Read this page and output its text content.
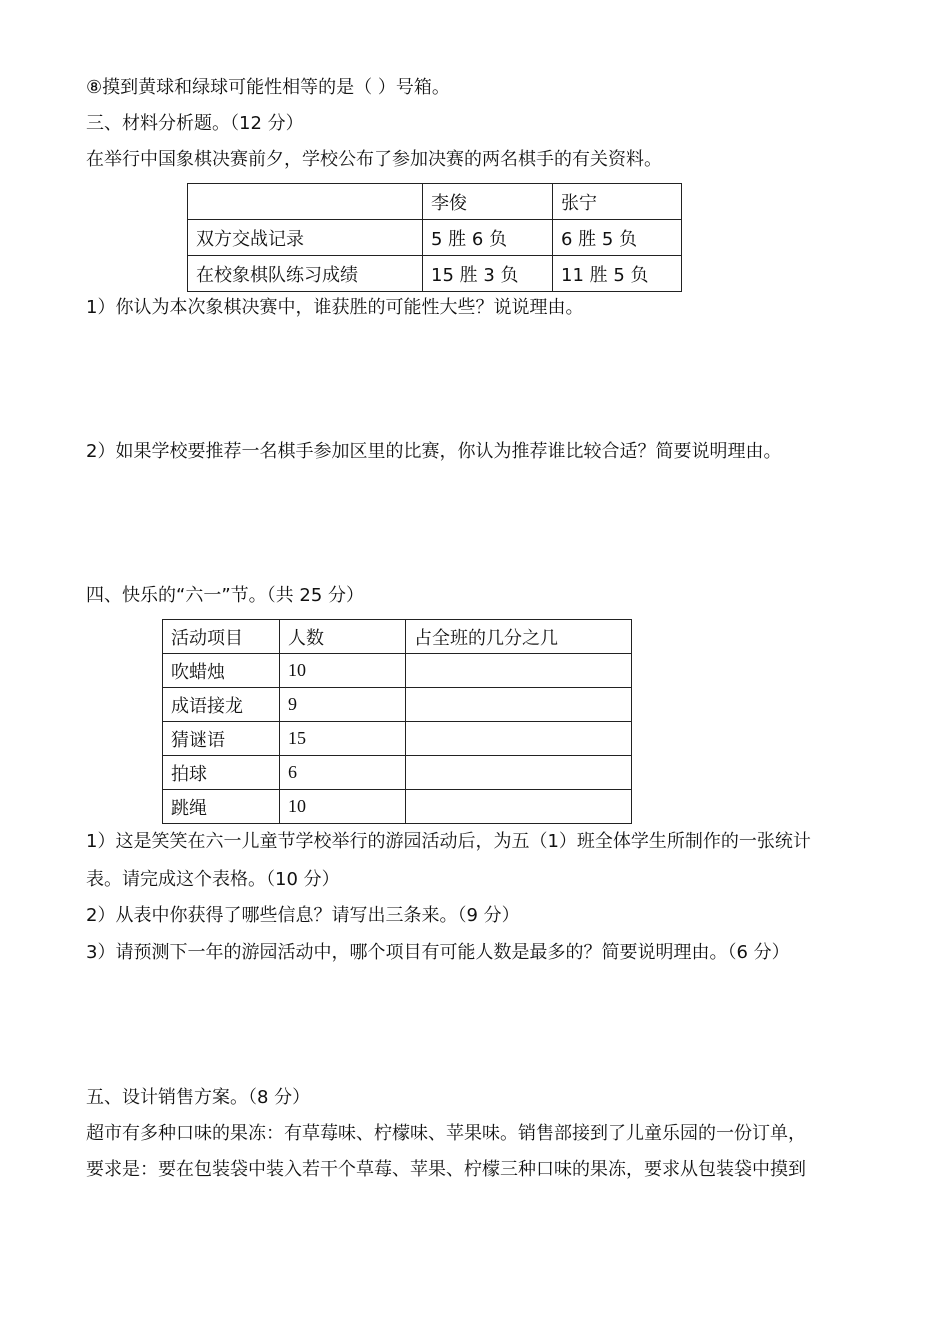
⑧摸到黄球和绿球可能性相等的是（ ）号箱。
三、材料分析题。（12 分）
在举行中国象棋决赛前夕，学校公布了参加决赛的两名棋手的有关资料。
	李俊	张宁
双方交战记录	5 胜 6 负	6 胜 5 负
在校象棋队练习成绩	15 胜 3 负	11 胜 5 负
1）你认为本次象棋决赛中，谁获胜的可能性大些？说说理由。
2）如果学校要推荐一名棋手参加区里的比赛，你认为推荐谁比较合适？简要说明理由。
四、快乐的“六一”节。（共 25 分）
活动项目	人数	占全班的几分之几
吹蜡烛	10	
成语接龙	9	
猜谜语	15	
拍球	6	
跳绳	10	
1）这是笑笑在六一儿童节学校举行的游园活动后，为五（1）班全体学生所制作的一张统计
表。请完成这个表格。（10 分）
2）从表中你获得了哪些信息？请写出三条来。（9 分）
3）请预测下一年的游园活动中，哪个项目有可能人数是最多的？简要说明理由。（6 分）
五、设计销售方案。（8 分）
超市有多种口味的果冻：有草莓味、柠檬味、苹果味。销售部接到了儿童乐园的一份订单，
要求是：要在包装袋中装入若干个草莓、苹果、柠檬三种口味的果冻，要求从包装袋中摸到
